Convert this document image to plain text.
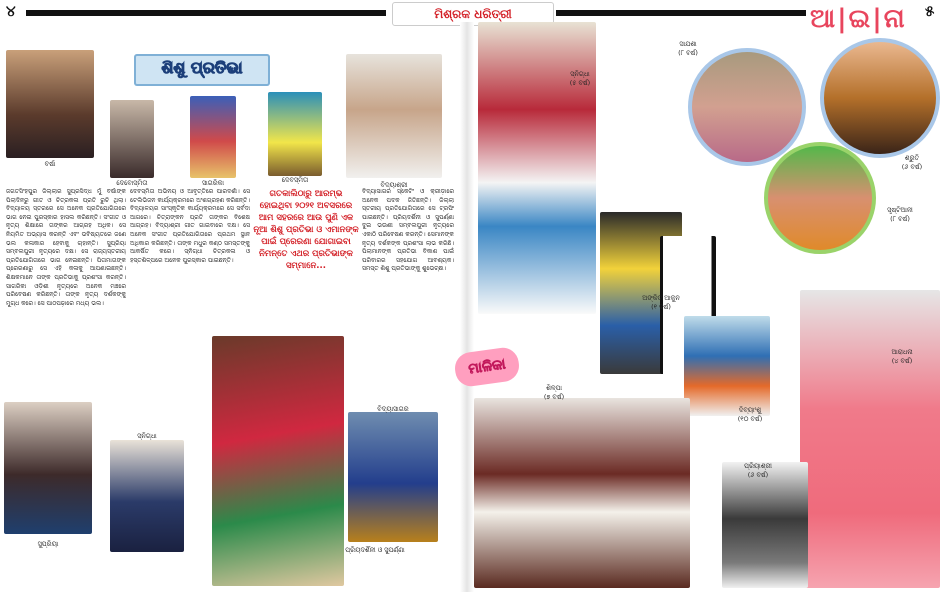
୪	ମିଶ୍ରକ ଧରିତ୍ରୀ	୫
ଆ|ଇ|ନା
ଶିଶୁ ପ୍ରତିଭା
ବର୍ଷା
ଦେବୋସ୍ମିତା	ସାଗରିକା	ଦେବସ୍ମିତା
ବିଦ୍ୟାଶ୍ରୀ
ଜଗତସିଂହପୁର ଜିଲ୍ଲାର ସୁପ୍ରସିଦ୍ଧ ମୁଁ ବର୍ଷାଙ୍କ ପିଲାଦିନରୁ ଗୀତ ଓ ଚିତ୍ରକଳା ପ୍ରତି ରୁଚି ଥିଲା। ବିଦ୍ୟାଳୟ ସ୍ତରରେ ସେ ଅନେକ ପ୍ରତିଯୋଗିତାରେ ଭାଗ ନେଇ ପୁରସ୍କାର ହାସଲ କରିଛନ୍ତି। ସଂଗୀତ ଓ ନୃତ୍ୟ ଶିକ୍ଷାରେ ତାଙ୍କର ଆଗ୍ରହ ଅଧିକ। ସେ ନିୟମିତ ଅଭ୍ୟାସ କରନ୍ତି ଏବଂ ଭବିଷ୍ୟତରେ ଜଣେ ଭଲ କଳାକାର ହେବାକୁ ଚାହାନ୍ତି। ସୁପ୍ରିୟା ସମ୍ବଲପୁରୀ ନୃତ୍ୟରେ ଦକ୍ଷ। ସେ ରାଜ୍ୟସ୍ତରୀୟ ପ୍ରତିଯୋଗିତାରେ ଭାଗ ନେଇଛନ୍ତି। ପିତାମାତାଙ୍କ ପ୍ରେରଣାରୁ ସେ ଏହି କଳାକୁ ଆପଣାଇଛନ୍ତି। ଶିକ୍ଷକମାନେ ତାଙ୍କ ପ୍ରତିଭାକୁ ପ୍ରଶଂସା କରନ୍ତି। ସାଗରିକା ଓଡ଼ିଶୀ ନୃତ୍ୟରେ ଅନେକ ମଞ୍ଚରେ ପରିବେଷଣ କରିଛନ୍ତି। ତାଙ୍କ ନୃତ୍ୟ ଦର୍ଶକଙ୍କୁ ମୁଗ୍ଧ କରେ। ସେ ପାଠପଢ଼ାରେ ମଧ୍ୟ ଭଲ।
ଦେବସ୍ମିତା ଅଭିନୟ ଓ ଆବୃତ୍ତିରେ ପାରଦର୍ଶୀ। ସେ ଟେଲିଭିଜନ କାର୍ଯ୍ୟକ୍ରମରେ ଅଂଶଗ୍ରହଣ କରିଛନ୍ତି। ବିଦ୍ୟାଳୟର ସାଂସ୍କୃତିକ କାର୍ଯ୍ୟକ୍ରମରେ ସେ ସର୍ବଦା ଆଗରେ। ଚିତ୍ରାଙ୍କନ ପ୍ରତି ତାଙ୍କର ବିଶେଷ ଆଗ୍ରହ। ବିଦ୍ୟାଶ୍ରୀ ଗୀତ ଗାଇବାରେ ଦକ୍ଷ। ସେ ଅନେକ ସଂଗୀତ ପ୍ରତିଯୋଗିତାରେ ପ୍ରଥମ ସ୍ଥାନ ଅଧିକାର କରିଛନ୍ତି। ତାଙ୍କ ମଧୁର କଣ୍ଠ ସମସ୍ତଙ୍କୁ ଆକର୍ଷିତ କରେ। ସ୍ନିଗ୍ଧା ଚିତ୍ରକଳା ଓ ହସ୍ତଶିଳ୍ପରେ ଅନେକ ପୁରସ୍କାର ପାଇଛନ୍ତି।
ଗତକାଲିଠାରୁ ଆରମ୍ଭ ହୋଇଥିବା ୨୦୨୧ ଅବସରରେ ଆମ ସହରରେ ଆଉ ପୁଣି ଏକ ନୂଆ ଶିଶୁ ପ୍ରତିଭା ଓ ଏମାନଙ୍କ ପାଇଁ ପ୍ରେରଣା ଯୋଗାଇବା ନିମନ୍ତେ ଏଥର ପ୍ରତିଭାଙ୍କ ସମ୍ମାନେ...
ବିଦ୍ୟାସାଗର ସ୍କେଟିଂ ଓ କ୍ରୀଡ଼ାରେ ଅନେକ ପଦକ ଜିତିଛନ୍ତି। ଜିଲ୍ଲା ସ୍ତରୀୟ ପ୍ରତିଯୋଗିତାରେ ସେ ଟ୍ରଫି ପାଇଛନ୍ତି। ପ୍ରିୟଦର୍ଶିନୀ ଓ ସୁପର୍ଣ୍ଣା ଦୁଇ ଭଉଣୀ ସମ୍ବଲପୁରୀ ନୃତ୍ୟରେ ଏକାଠି ପରିବେଷଣ କରନ୍ତି। ସେମାନଙ୍କ ନୃତ୍ୟ ଦର୍ଶକଙ୍କ ପ୍ରଶଂସା ଲାଭ କରିଛି। ପିଲାମାନଙ୍କ ପ୍ରତିଭା ବିକାଶ ପାଇଁ ପରିବାରର ସହଯୋଗ ଆବଶ୍ୟକ। ସମସ୍ତ ଶିଶୁ ପ୍ରତିଭାଙ୍କୁ ଶୁଭେଚ୍ଛା।
ସୁପ୍ରିୟା
ସ୍ନିଗ୍ଧା
ପ୍ରିୟଦର୍ଶିନୀ ଓ ସୁପର୍ଣ୍ଣା
ବିଦ୍ୟାସାଗର
ସ୍ନିଗ୍ଧା
(୫ ବର୍ଷ)
ସାଯଶା
(୮ ବର୍ଷ)
ଶ୍ରୁତି
(୬ ବର୍ଷ)
ସୃଷ୍ଟିଆନୀ
(୮ ବର୍ଷ)
ଅଙ୍କିତ ଆକୁନ
(୧ ବର୍ଷ)
ଦିବ୍ୟାଂଶୁ
(୧୦ ବର୍ଷ)
ଆରାଧନା
(୪ ବର୍ଷ)
ମାଳିକା
ଶିଳ୍ପା
(୭ ବର୍ଷ)
ପ୍ରିୟାଶ୍ରୀ
(୬ ବର୍ଷ)
